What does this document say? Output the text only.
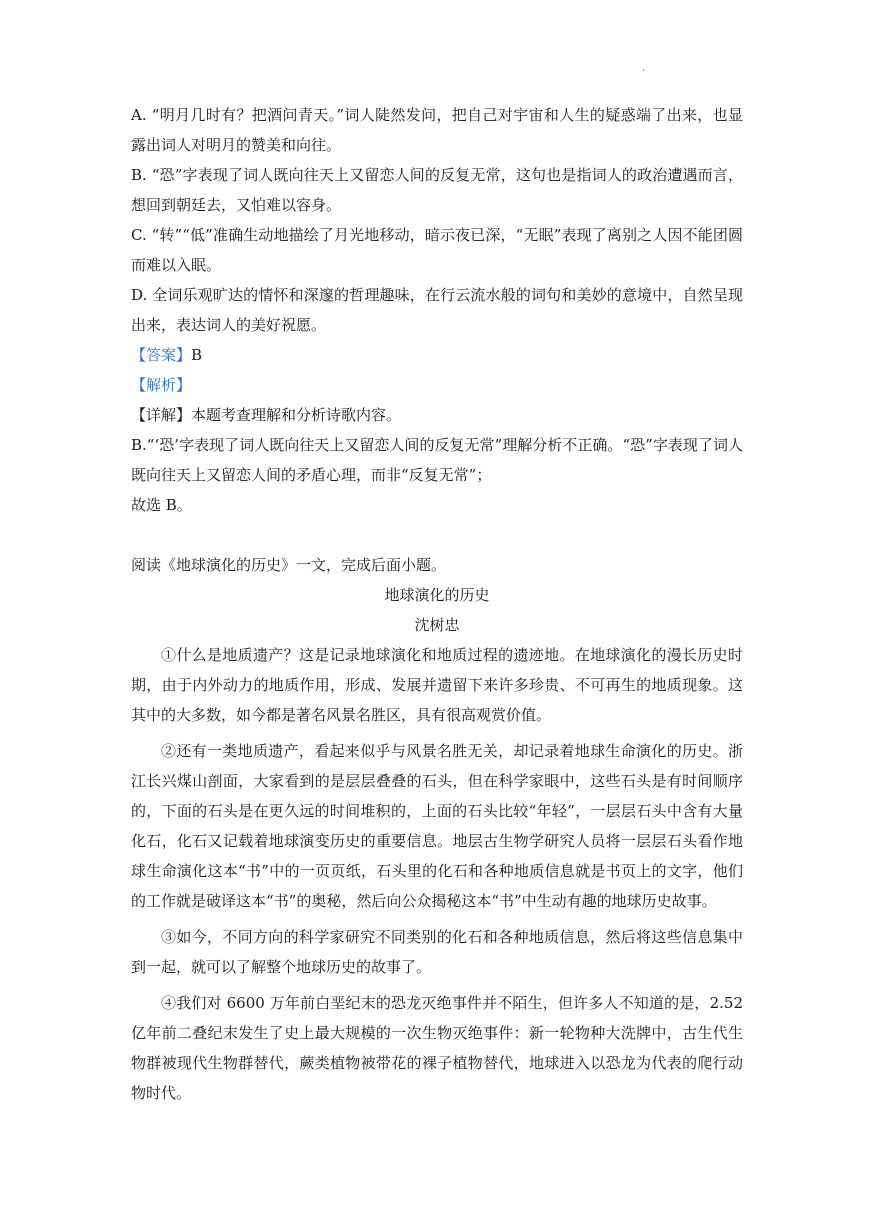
·

A. “明月几时有？把酒问青天。”词人陡然发问，把自己对宇宙和人生的疑惑端了出来，也显露出词人对明月的赞美和向往。

B. “恐”字表现了词人既向往天上又留恋人间的反复无常，这句也是指词人的政治遭遇而言，想回到朝廷去，又怕难以容身。

C. “转”“低”准确生动地描绘了月光地移动，暗示夜已深，“无眠”表现了离别之人因不能团圆而难以入眠。

D. 全词乐观旷达的情怀和深邃的哲理趣味，在行云流水般的词句和美妙的意境中，自然呈现出来，表达词人的美好祝愿。

【答案】B

【解析】

【详解】本题考查理解和分析诗歌内容。

B.“‘恐’字表现了词人既向往天上又留恋人间的反复无常”理解分析不正确。“恐”字表现了词人既向往天上又留恋人间的矛盾心理，而非“反复无常”；

故选 B。

阅读《地球演化的历史》一文，完成后面小题。

地球演化的历史

沈树忠

①什么是地质遗产？这是记录地球演化和地质过程的遗迹地。在地球演化的漫长历史时期，由于内外动力的地质作用，形成、发展并遗留下来许多珍贵、不可再生的地质现象。这其中的大多数，如今都是著名风景名胜区，具有很高观赏价值。

②还有一类地质遗产，看起来似乎与风景名胜无关，却记录着地球生命演化的历史。浙江长兴煤山剖面，大家看到的是层层叠叠的石头，但在科学家眼中，这些石头是有时间顺序的，下面的石头是在更久远的时间堆积的，上面的石头比较“年轻”，一层层石头中含有大量化石，化石又记载着地球演变历史的重要信息。地层古生物学研究人员将一层层石头看作地球生命演化这本“书”中的一页页纸，石头里的化石和各种地质信息就是书页上的文字，他们的工作就是破译这本“书”的奥秘，然后向公众揭秘这本“书”中生动有趣的地球历史故事。

③如今，不同方向的科学家研究不同类别的化石和各种地质信息，然后将这些信息集中到一起，就可以了解整个地球历史的故事了。

④我们对 6600 万年前白垩纪末的恐龙灭绝事件并不陌生，但许多人不知道的是，2.52 亿年前二叠纪末发生了史上最大规模的一次生物灭绝事件：新一轮物种大洗牌中，古生代生物群被现代生物群替代，蕨类植物被带花的裸子植物替代，地球进入以恐龙为代表的爬行动物时代。
